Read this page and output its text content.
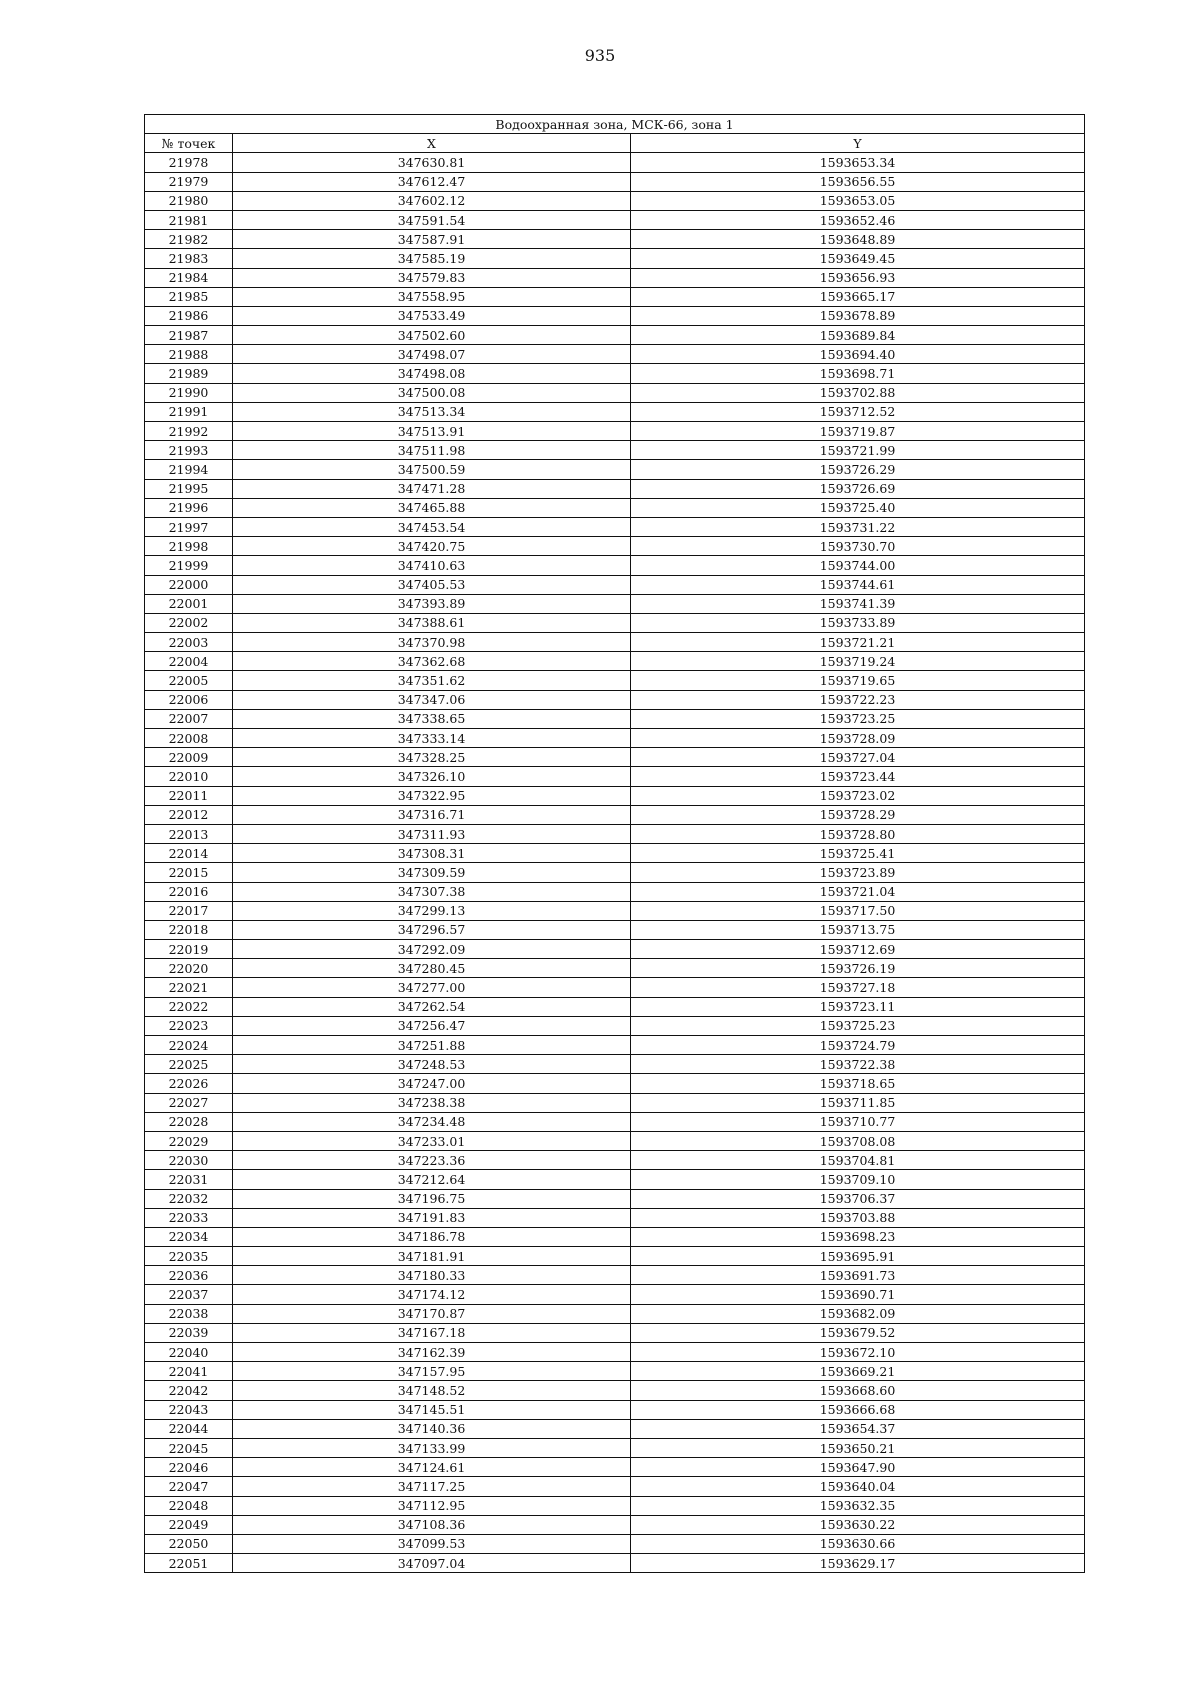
935
Водоохранная зона, МСК-66, зона 1		
№ точек	X	Y
21978	347630.81	1593653.34
21979	347612.47	1593656.55
21980	347602.12	1593653.05
21981	347591.54	1593652.46
21982	347587.91	1593648.89
21983	347585.19	1593649.45
21984	347579.83	1593656.93
21985	347558.95	1593665.17
21986	347533.49	1593678.89
21987	347502.60	1593689.84
21988	347498.07	1593694.40
21989	347498.08	1593698.71
21990	347500.08	1593702.88
21991	347513.34	1593712.52
21992	347513.91	1593719.87
21993	347511.98	1593721.99
21994	347500.59	1593726.29
21995	347471.28	1593726.69
21996	347465.88	1593725.40
21997	347453.54	1593731.22
21998	347420.75	1593730.70
21999	347410.63	1593744.00
22000	347405.53	1593744.61
22001	347393.89	1593741.39
22002	347388.61	1593733.89
22003	347370.98	1593721.21
22004	347362.68	1593719.24
22005	347351.62	1593719.65
22006	347347.06	1593722.23
22007	347338.65	1593723.25
22008	347333.14	1593728.09
22009	347328.25	1593727.04
22010	347326.10	1593723.44
22011	347322.95	1593723.02
22012	347316.71	1593728.29
22013	347311.93	1593728.80
22014	347308.31	1593725.41
22015	347309.59	1593723.89
22016	347307.38	1593721.04
22017	347299.13	1593717.50
22018	347296.57	1593713.75
22019	347292.09	1593712.69
22020	347280.45	1593726.19
22021	347277.00	1593727.18
22022	347262.54	1593723.11
22023	347256.47	1593725.23
22024	347251.88	1593724.79
22025	347248.53	1593722.38
22026	347247.00	1593718.65
22027	347238.38	1593711.85
22028	347234.48	1593710.77
22029	347233.01	1593708.08
22030	347223.36	1593704.81
22031	347212.64	1593709.10
22032	347196.75	1593706.37
22033	347191.83	1593703.88
22034	347186.78	1593698.23
22035	347181.91	1593695.91
22036	347180.33	1593691.73
22037	347174.12	1593690.71
22038	347170.87	1593682.09
22039	347167.18	1593679.52
22040	347162.39	1593672.10
22041	347157.95	1593669.21
22042	347148.52	1593668.60
22043	347145.51	1593666.68
22044	347140.36	1593654.37
22045	347133.99	1593650.21
22046	347124.61	1593647.90
22047	347117.25	1593640.04
22048	347112.95	1593632.35
22049	347108.36	1593630.22
22050	347099.53	1593630.66
22051	347097.04	1593629.17
